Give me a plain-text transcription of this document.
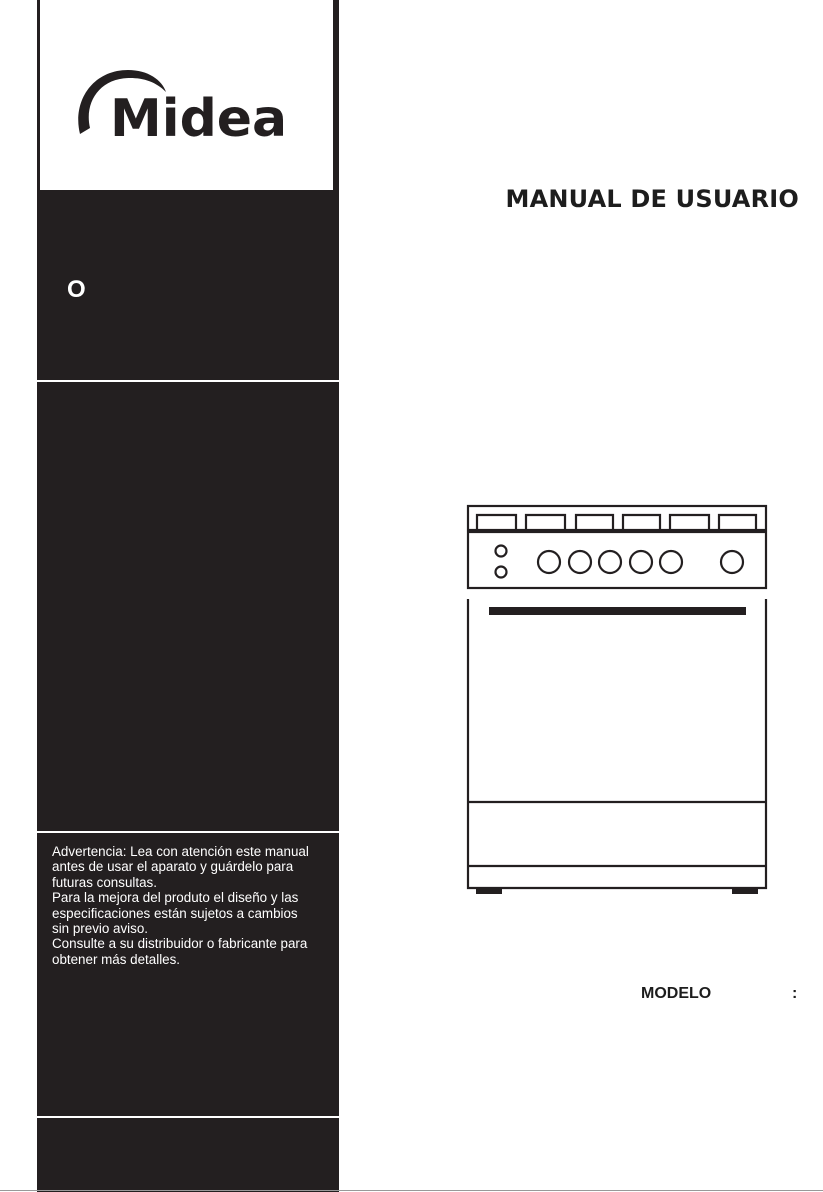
Midea
O

Advertencia: Lea con atención este manual

antes de usar el aparato y guárdelo para

futuras consultas.

Para la mejora del produto el diseño y las

especificaciones están sujetos a cambios

sin previo aviso.

Consulte a su distribuidor o fabricante para

obtener más detalles.

MANUAL DE USUARIO
MODELO	:
